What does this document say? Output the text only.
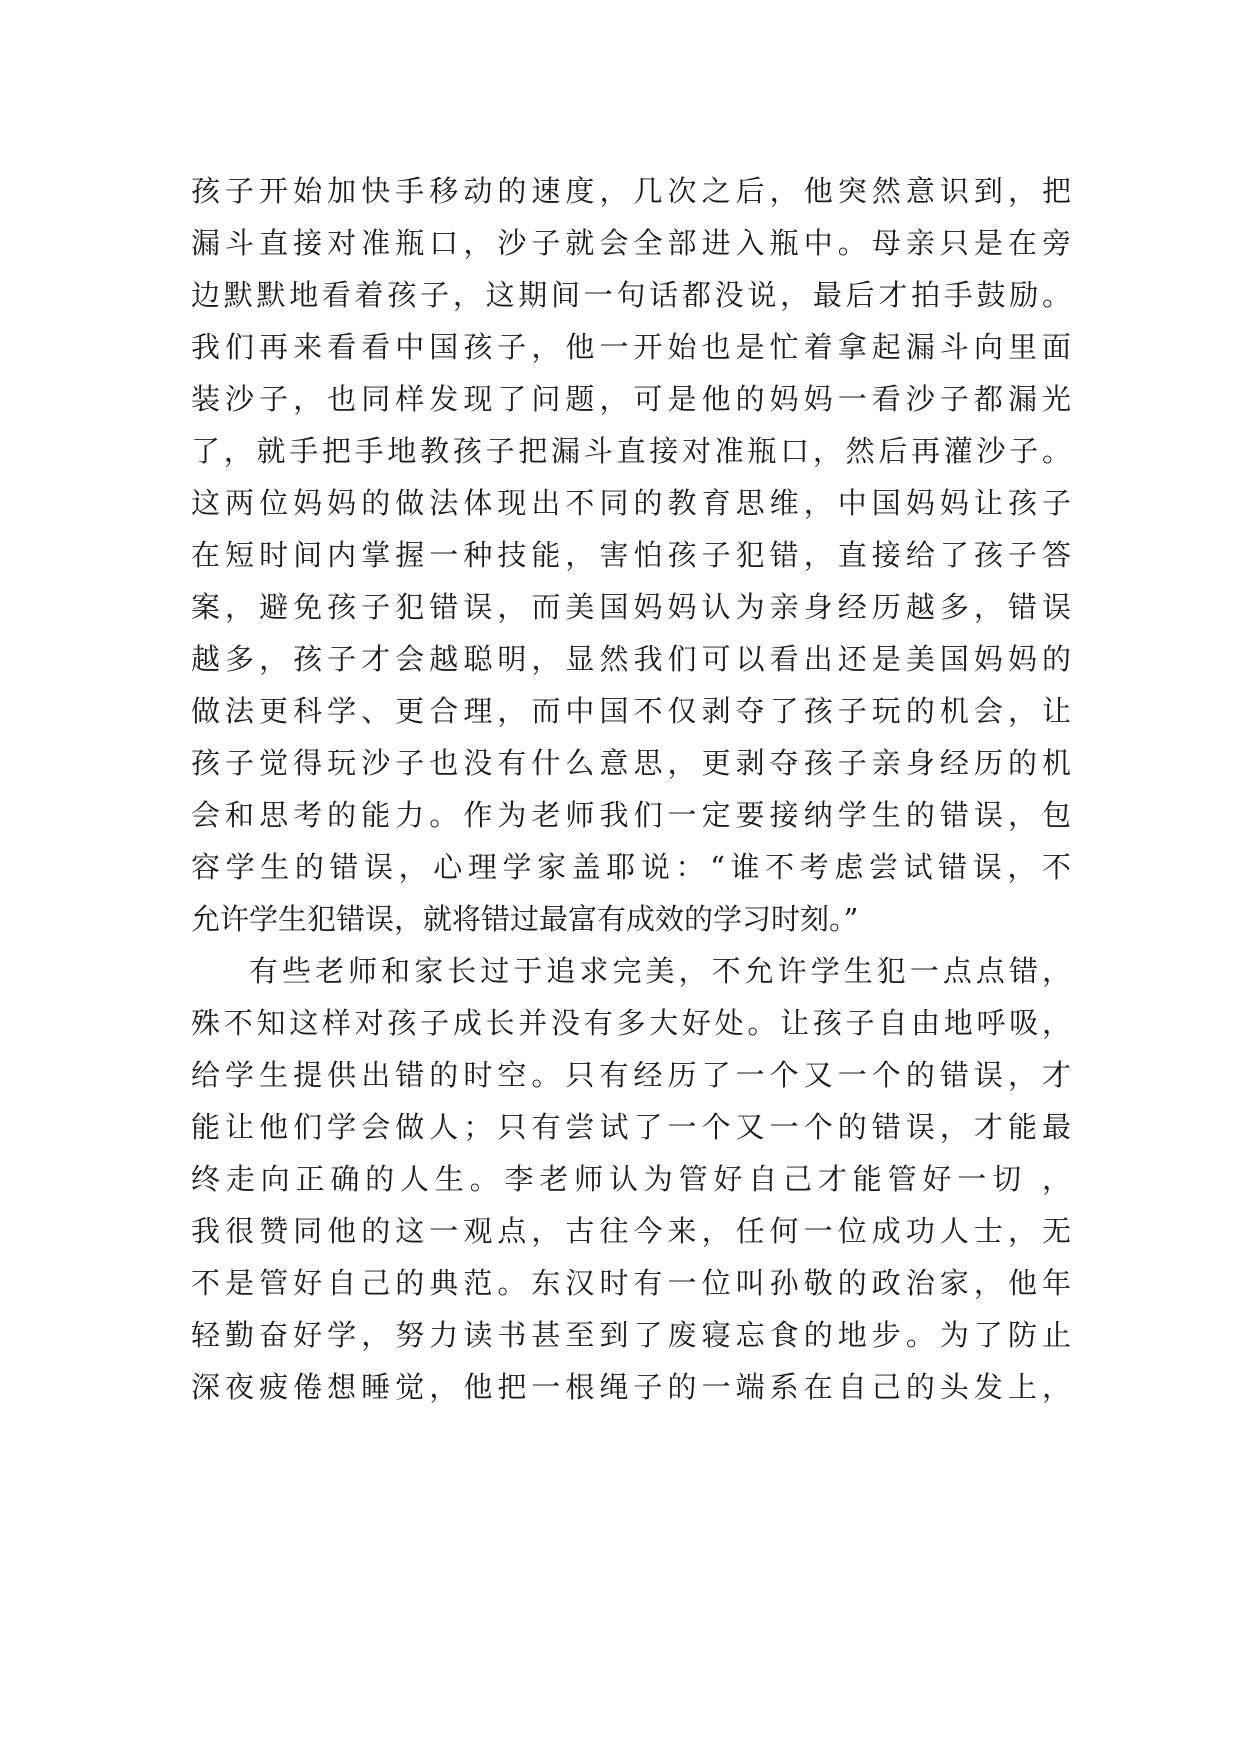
孩子开始加快手移动的速度，几次之后，他突然意识到，把
漏斗直接对准瓶口，沙子就会全部进入瓶中。母亲只是在旁
边默默地看着孩子，这期间一句话都没说，最后才拍手鼓励。
我们再来看看中国孩子，他一开始也是忙着拿起漏斗向里面
装沙子，也同样发现了问题，可是他的妈妈一看沙子都漏光
了，就手把手地教孩子把漏斗直接对准瓶口，然后再灌沙子。
这两位妈妈的做法体现出不同的教育思维，中国妈妈让孩子
在短时间内掌握一种技能，害怕孩子犯错，直接给了孩子答
案，避免孩子犯错误，而美国妈妈认为亲身经历越多，错误
越多，孩子才会越聪明，显然我们可以看出还是美国妈妈的
做法更科学、更合理，而中国不仅剥夺了孩子玩的机会，让
孩子觉得玩沙子也没有什么意思，更剥夺孩子亲身经历的机
会和思考的能力。作为老师我们一定要接纳学生的错误，包
容学生的错误，心理学家盖耶说：“谁不考虑尝试错误，不
允许学生犯错误，就将错过最富有成效的学习时刻。”
有些老师和家长过于追求完美，不允许学生犯一点点错，
殊不知这样对孩子成长并没有多大好处。让孩子自由地呼吸，
给学生提供出错的时空。只有经历了一个又一个的错误，才
能让他们学会做人；只有尝试了一个又一个的错误，才能最
终走向正确的人生。李老师认为管好自己才能管好一切 ，
我很赞同他的这一观点，古往今来，任何一位成功人士，无
不是管好自己的典范。东汉时有一位叫孙敬的政治家，他年
轻勤奋好学，努力读书甚至到了废寝忘食的地步。为了防止
深夜疲倦想睡觉，他把一根绳子的一端系在自己的头发上，
